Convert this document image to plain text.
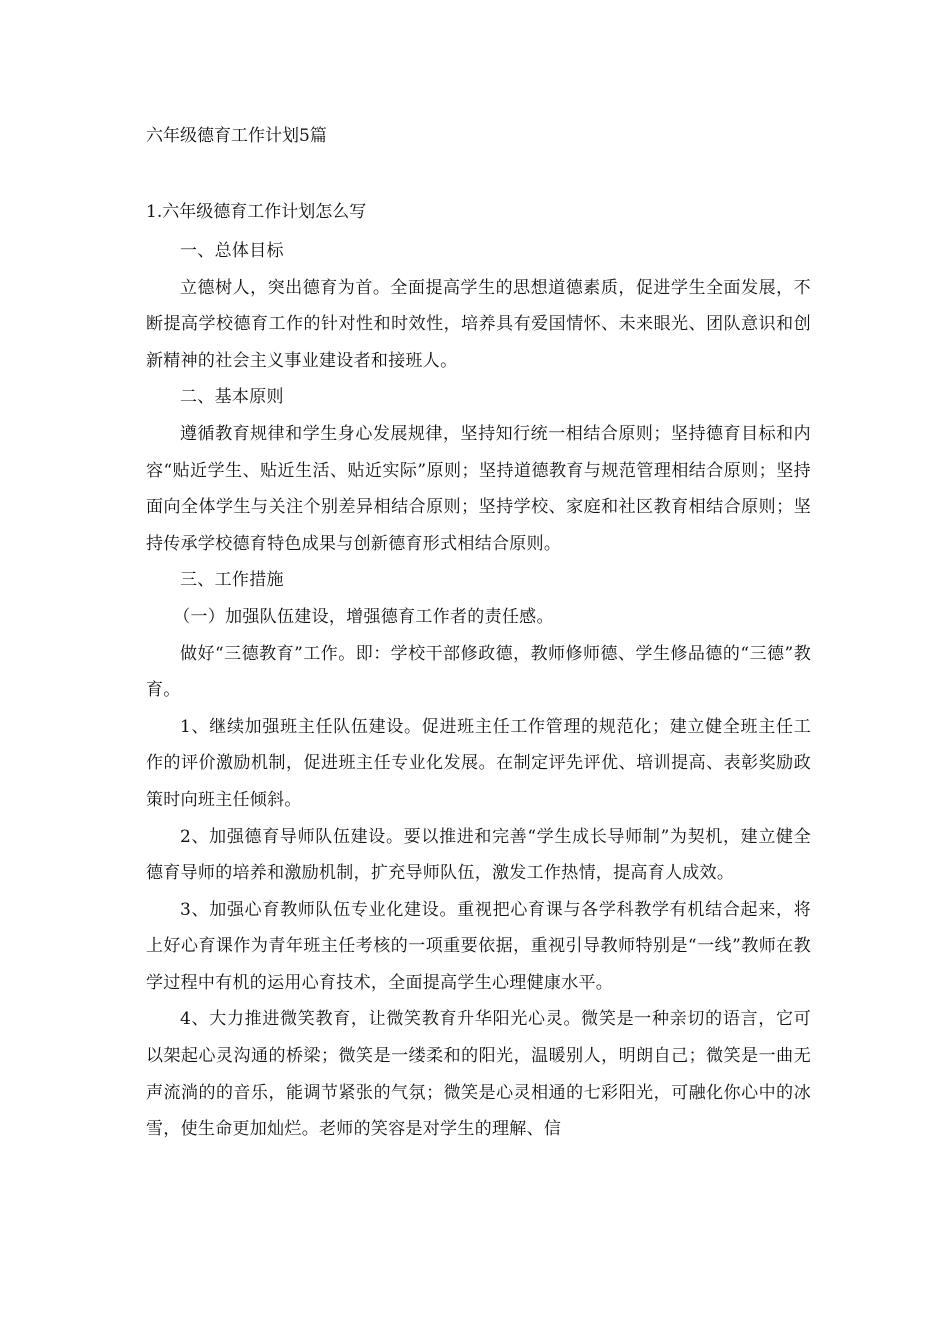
六年级德育工作计划5篇
1.六年级德育工作计划怎么写

一、总体目标

立德树人，突出德育为首。全面提高学生的思想道德素质，促进学生全面发展，不断提高学校德育工作的针对性和时效性，培养具有爱国情怀、未来眼光、团队意识和创新精神的社会主义事业建设者和接班人。

二、基本原则

遵循教育规律和学生身心发展规律，坚持知行统一相结合原则；坚持德育目标和内容“贴近学生、贴近生活、贴近实际”原则；坚持道德教育与规范管理相结合原则；坚持面向全体学生与关注个别差异相结合原则；坚持学校、家庭和社区教育相结合原则；坚持传承学校德育特色成果与创新德育形式相结合原则。

三、工作措施

（一）加强队伍建设，增强德育工作者的责任感。

做好“三德教育”工作。即：学校干部修政德，教师修师德、学生修品德的“三德”教育。

1、继续加强班主任队伍建设。促进班主任工作管理的规范化；建立健全班主任工作的评价激励机制，促进班主任专业化发展。在制定评先评优、培训提高、表彰奖励政策时向班主任倾斜。

2、加强德育导师队伍建设。要以推进和完善“学生成长导师制”为契机，建立健全德育导师的培养和激励机制，扩充导师队伍，激发工作热情，提高育人成效。

3、加强心育教师队伍专业化建设。重视把心育课与各学科教学有机结合起来，将上好心育课作为青年班主任考核的一项重要依据，重视引导教师特别是“一线”教师在教学过程中有机的运用心育技术，全面提高学生心理健康水平。

4、大力推进微笑教育，让微笑教育升华阳光心灵。微笑是一种亲切的语言，它可以架起心灵沟通的桥梁；微笑是一缕柔和的阳光，温暖别人，明朗自己；微笑是一曲无声流淌的的音乐，能调节紧张的气氛；微笑是心灵相通的七彩阳光，可融化你心中的冰雪，使生命更加灿烂。老师的笑容是对学生的理解、信
